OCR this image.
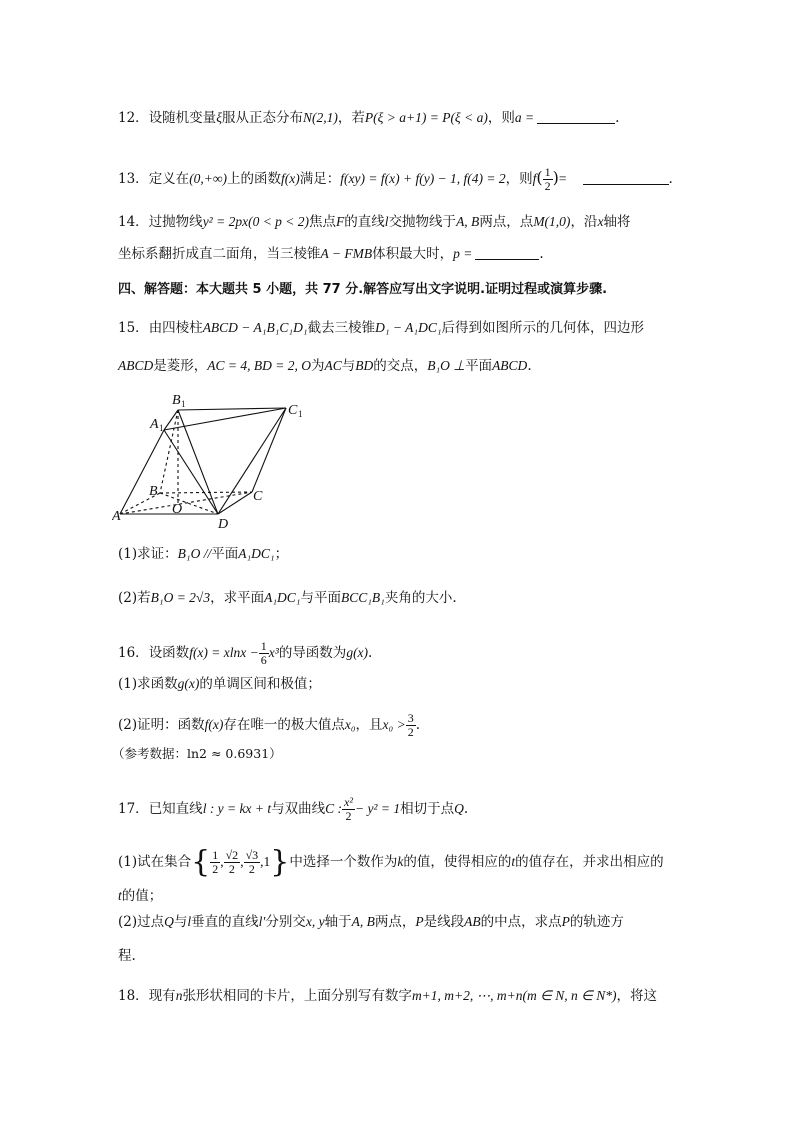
12．设随机变量ξ服从正态分布N(2,1)，若P(ξ > a+1) = P(ξ < a)，则a =	.
13．定义在(0,+∞)上的函数f(x)满足：f(xy) = f(x) + f(y) − 1, f(4) = 2，则$f( \frac{1}{2}$ )=	.
14．过抛物线y² = 2px(0 < p < 2)焦点F的直线l交抛物线于A, B两点，点M(1,0)，沿x轴将
坐标系翻折成直二面角，当三棱锥A − FMB体积最大时，p =	.
四、解答题：本大题共 5 小题，共 77 分.解答应写出文字说明.证明过程或演算步骤.
15．由四棱柱ABCD − A₁B₁C₁D₁截去三棱锥D₁ − A₁DC₁后得到如图所示的几何体，四边形
ABCD是菱形，AC = 4, BD = 2, O为AC与BD的交点，B₁O ⊥平面ABCD.
B 1	C 1
A 1
B	C
O
A
D
(1)求证：B₁O //平面A₁DC₁；
(2)若B₁O = 2√3，求平面A₁DC₁与平面BCC₁B₁夹角的大小.
16．设函数$f(x) = xlnx - \frac{1}{6} x^3$的导函数为g(x).
(1)求函数g(x)的单调区间和极值；
(2)证明：函数f(x)存在唯一的极大值点x₀，且$x_0 > \frac{3}{2}$ .
（参考数据：ln2 ≈ 0.6931）
17．已知直线l : y = kx + t与双曲线C : $\frac{\text{x²}}{2} - y^2 = 1$相切于点Q.
(1)试在集合{ $\frac{1}{2}$ , $\frac{√2}{2}$ , $\frac{√3}{2} ,1$}中选择一个数作为k的值，使得相应的t的值存在，并求出相应的
t的值；
(2)过点Q与l垂直的直线l′分别交x, y轴于A, B两点，P是线段AB的中点，求点P的轨迹方
程.
18．现有n张形状相同的卡片，上面分别写有数字m+1, m+2, ⋯, m+n(m ∈ N, n ∈ N*)，将这
